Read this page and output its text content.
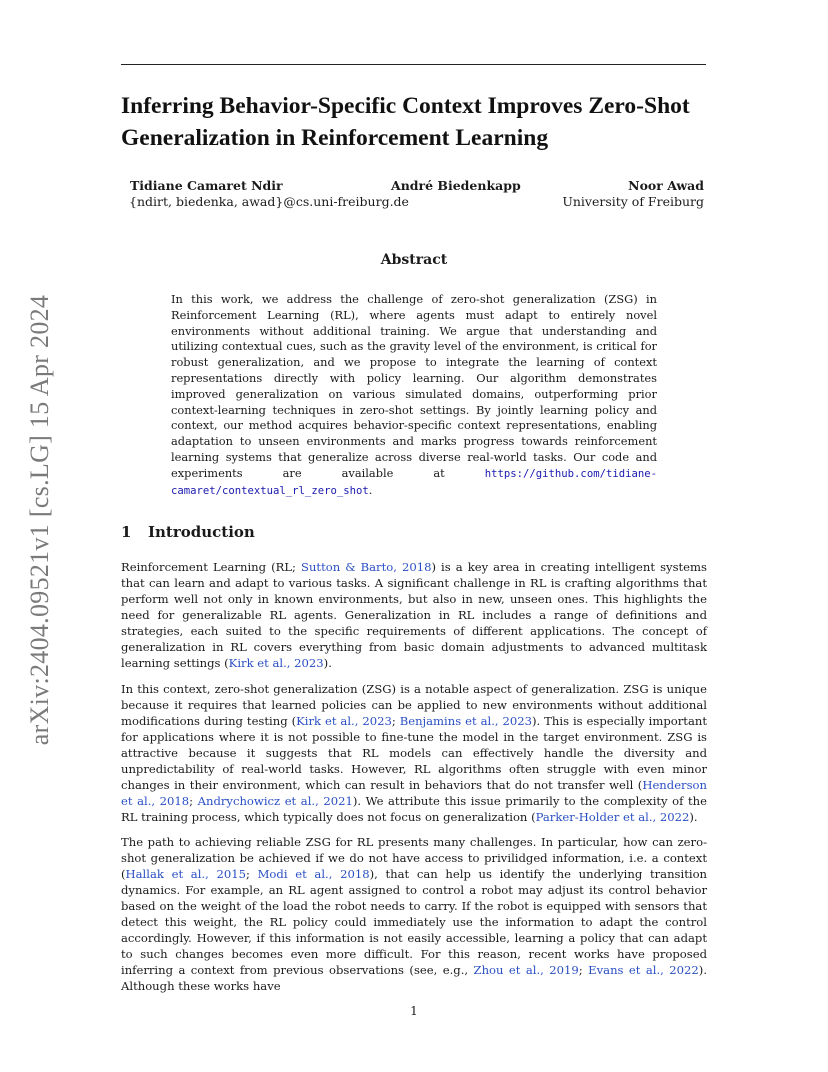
arXiv:2404.09521v1 [cs.LG] 15 Apr 2024
Inferring Behavior-Specific Context Improves Zero-Shot Generalization in Reinforcement Learning
Tidiane Camaret Ndir
{ndirt, biedenka, awad}@cs.uni-freiburg.de
André Biedenkapp	Noor Awad
University of Freiburg
Abstract
In this work, we address the challenge of zero-shot generalization (ZSG) in Reinforcement Learning (RL), where agents must adapt to entirely novel environments without additional training. We argue that understanding and utilizing contextual cues, such as the gravity level of the environment, is critical for robust generalization, and we propose to integrate the learning of context representations directly with policy learning. Our algorithm demonstrates improved generalization on various simulated domains, outperforming prior context-learning techniques in zero-shot settings. By jointly learning policy and context, our method acquires behavior-specific context representations, enabling adaptation to unseen environments and marks progress towards reinforcement learning systems that generalize across diverse real-world tasks. Our code and experiments are available at	https://github.com/tidiane-camaret/contextual_rl_zero_shot.
1 Introduction
Reinforcement Learning (RL; Sutton & Barto, 2018) is a key area in creating intelligent systems that can learn and adapt to various tasks. A significant challenge in RL is crafting algorithms that perform well not only in known environments, but also in new, unseen ones. This highlights the need for generalizable RL agents. Generalization in RL includes a range of definitions and strategies, each suited to the specific requirements of different applications. The concept of generalization in RL covers everything from basic domain adjustments to advanced multitask learning settings (Kirk et al., 2023).
In this context, zero-shot generalization (ZSG) is a notable aspect of generalization. ZSG is unique because it requires that learned policies can be applied to new environments without additional modifications during testing (Kirk et al., 2023; Benjamins et al., 2023). This is especially important for applications where it is not possible to fine-tune the model in the target environment. ZSG is attractive because it suggests that RL models can effectively handle the diversity and unpredictability of real-world tasks. However, RL algorithms often struggle with even minor changes in their environment, which can result in behaviors that do not transfer well (Henderson et al., 2018; Andrychowicz et al., 2021). We attribute this issue primarily to the complexity of the RL training process, which typically does not focus on generalization (Parker-Holder et al., 2022).
The path to achieving reliable ZSG for RL presents many challenges. In particular, how can zero-shot generalization be achieved if we do not have access to privilidged information, i.e. a context (Hallak et al., 2015; Modi et al., 2018), that can help us identify the underlying transition dynamics. For example, an RL agent assigned to control a robot may adjust its control behavior based on the weight of the load the robot needs to carry. If the robot is equipped with sensors that detect this weight, the RL policy could immediately use the information to adapt the control accordingly. However, if this information is not easily accessible, learning a policy that can adapt to such changes becomes even more difficult. For this reason, recent works have proposed inferring a context from previous observations (see, e.g., Zhou et al., 2019; Evans et al., 2022). Although these works have
1
